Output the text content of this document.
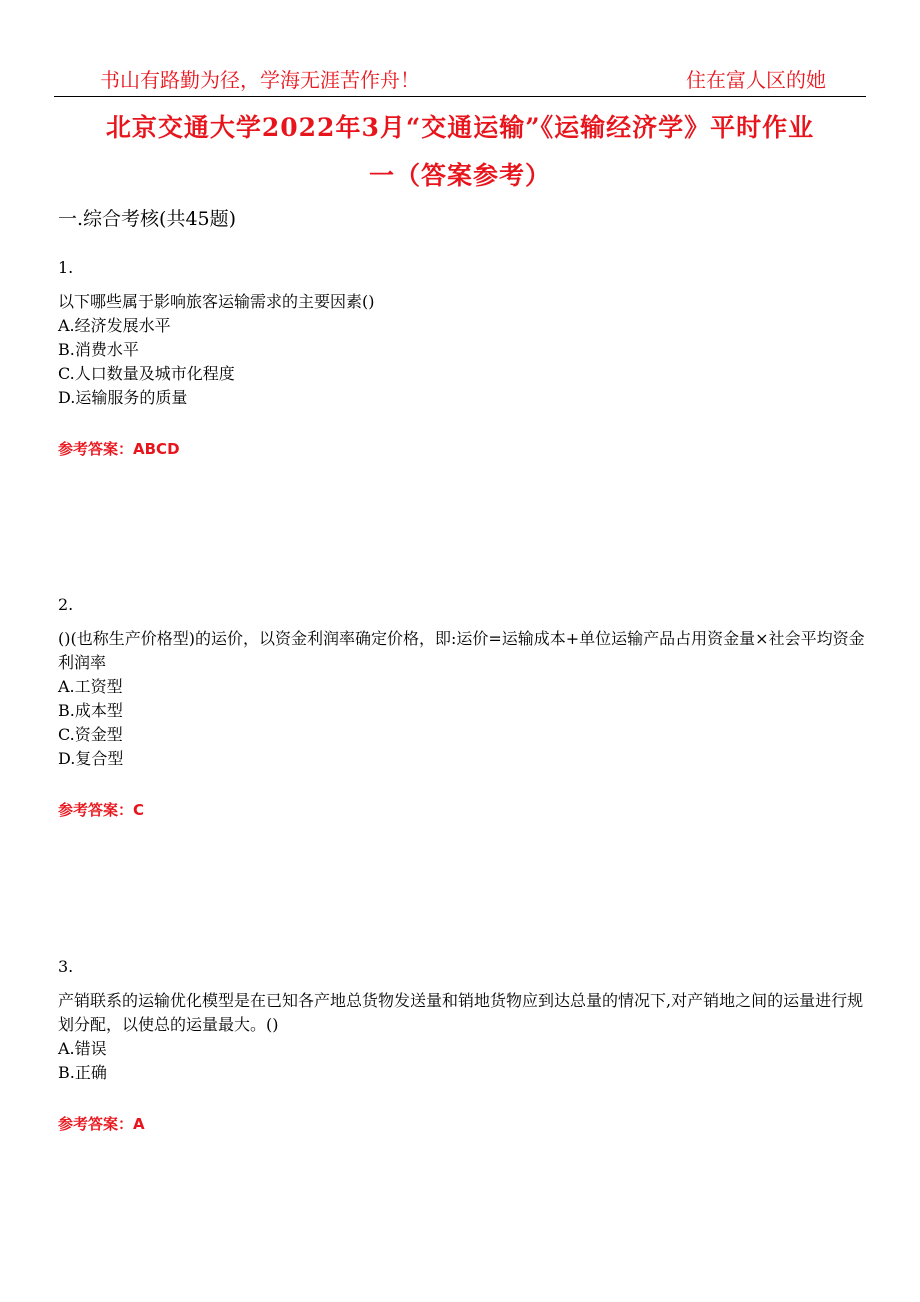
书山有路勤为径，学海无涯苦作舟！	住在富人区的她
北京交通大学2022年3月“交通运输”《运输经济学》平时作业
一（答案参考）
一.综合考核(共45题)
1.
以下哪些属于影响旅客运输需求的主要因素()
A.经济发展水平
B.消费水平
C.人口数量及城市化程度
D.运输服务的质量
参考答案：ABCD
2.
()(也称生产价格型)的运价，以资金利润率确定价格，即:运价=运输成本+单位运输产品占用资金量×社会平均资金利润率
A.工资型
B.成本型
C.资金型
D.复合型
参考答案：C
3.
产销联系的运输优化模型是在已知各产地总货物发送量和销地货物应到达总量的情况下,对产销地之间的运量进行规划分配，以使总的运量最大。()
A.错误
B.正确
参考答案：A
